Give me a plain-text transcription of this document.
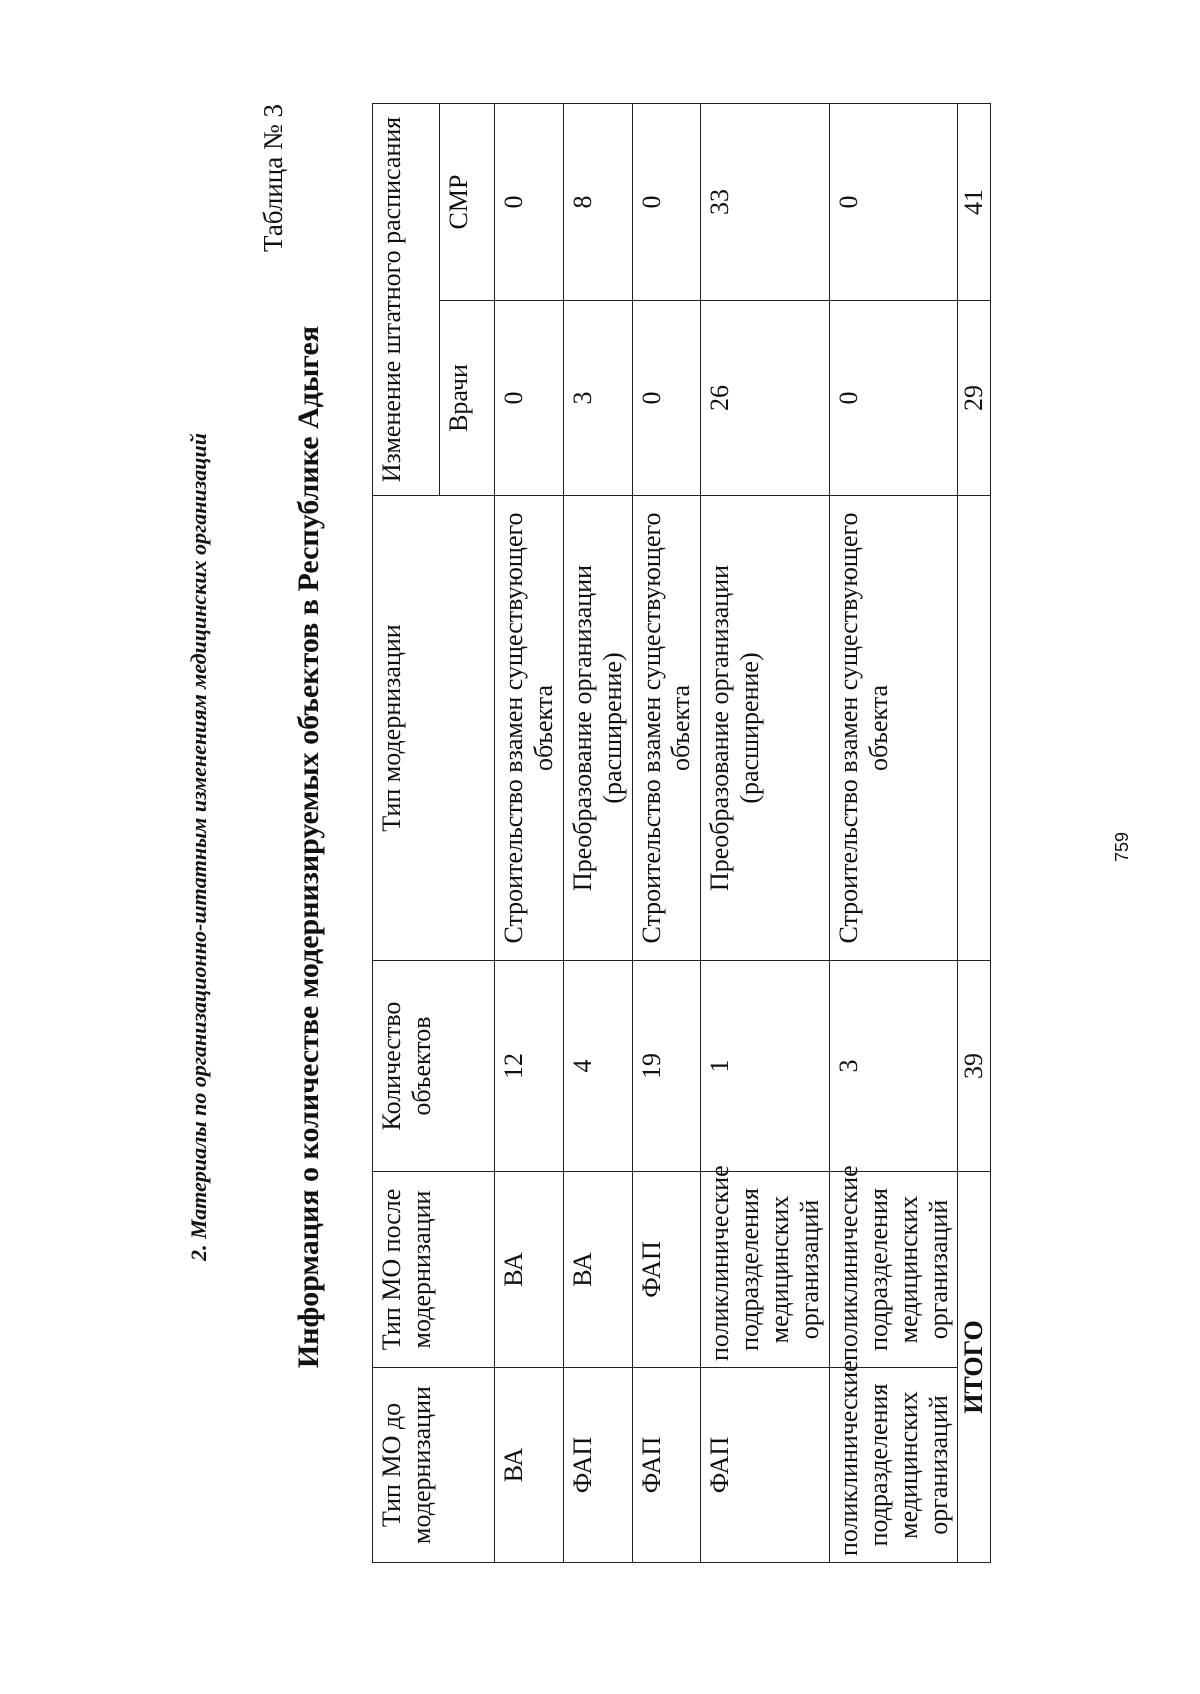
2. Материалы по организационно-штатным изменениям медицинских организаций
Таблица № 3
Информация о количестве модернизируемых объектов в Республике Адыгея
Тип МО до модернизации	Тип МО после модернизации	Количество объектов	Тип модернизации	Изменение штатного расписания	
				Врачи	СМР
ВА	ВА	12	Строительство взамен существующего объекта	0	0
ФАП	ВА	4	Преобразование организации (расширение)	3	8
ФАП	ФАП	19	Строительство взамен существующего объекта	0	0
ФАП	поликлинические подразделения медицинских организаций	1	Преобразование организации (расширение)	26	33
поликлинические подразделения медицинских организаций	поликлинические подразделения медицинских организаций	3	Строительство взамен существующего объекта	0	0
ИТОГО		39		29	41
759
